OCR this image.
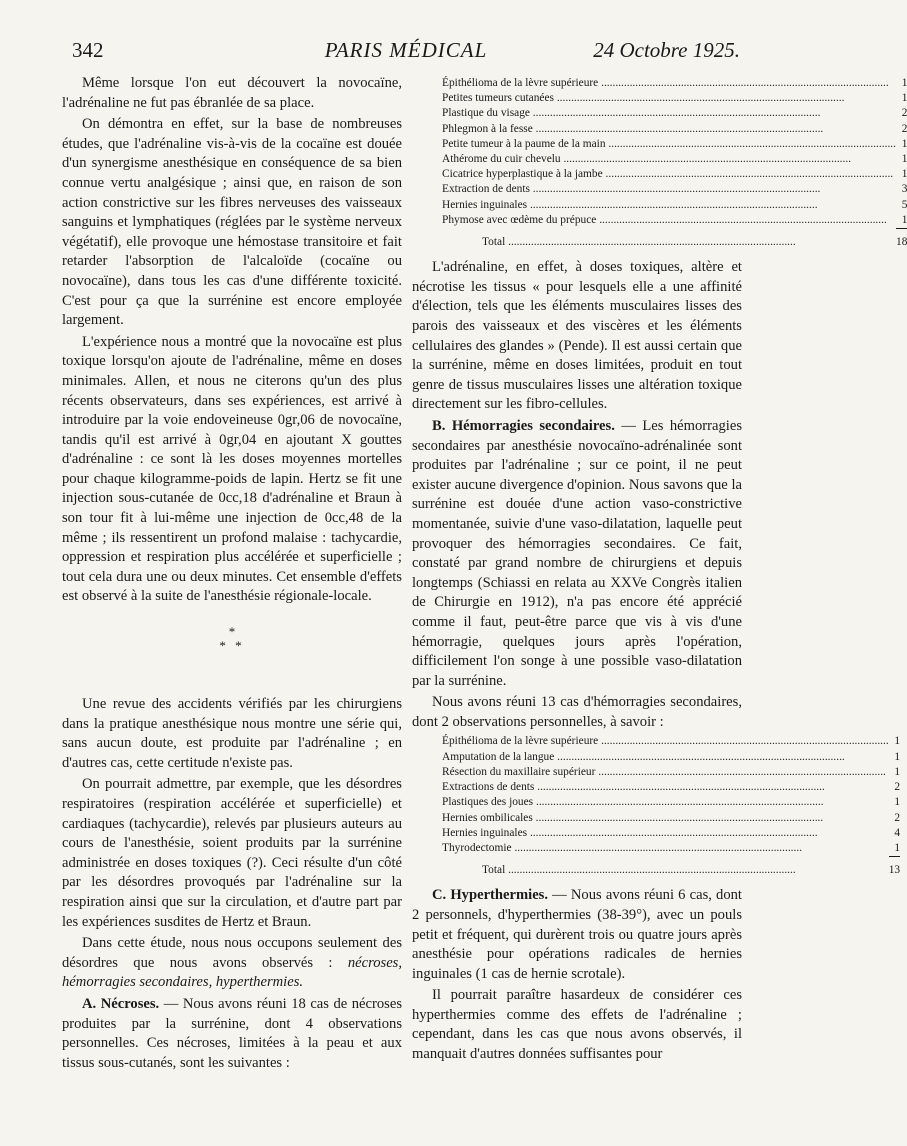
342	PARIS MÉDICAL	24 Octobre 1925.

Même lorsque l'on eut découvert la novocaïne, l'adrénaline ne fut pas ébranlée de sa place.

On démontra en effet, sur la base de nombreuses études, que l'adrénaline vis-à-vis de la cocaïne est douée d'un synergisme anesthésique en conséquence de sa bien connue vertu analgésique ; ainsi que, en raison de son action constrictive sur les fibres nerveuses des vaisseaux sanguins et lymphatiques (réglées par le système nerveux végétatif), elle provoque une hémostase transitoire et fait retarder l'absorption de l'alcaloïde (cocaïne ou novocaïne), dans tous les cas d'une différente toxicité. C'est pour ça que la surrénine est encore employée largement.

L'expérience nous a montré que la novocaïne est plus toxique lorsqu'on ajoute de l'adrénaline, même en doses minimales. Allen, et nous ne citerons qu'un des plus récents observateurs, dans ses expériences, est arrivé à introduire par la voie endoveineuse 0gr,06 de novocaïne, tandis qu'il est arrivé à 0gr,04 en ajoutant X gouttes d'adrénaline : ce sont là les doses moyennes mortelles pour chaque kilogramme-poids de lapin. Hertz se fit une injection sous-cutanée de 0cc,18 d'adrénaline et Braun à son tour fit à lui-même une injection de 0cc,48 de la même ; ils ressentirent un profond malaise : tachycardie, oppression et respiration plus accélérée et superficielle ; tout cela dura une ou deux minutes. Cet ensemble d'effets est observé à la suite de l'anesthésie régionale-locale.

*
* *

Une revue des accidents vérifiés par les chirurgiens dans la pratique anesthésique nous montre une série qui, sans aucun doute, est produite par l'adrénaline ; en d'autres cas, cette certitude n'existe pas.

On pourrait admettre, par exemple, que les désordres respiratoires (respiration accélérée et superficielle) et cardiaques (tachycardie), relevés par plusieurs auteurs au cours de l'anesthésie, soient produits par la surrénine administrée en doses toxiques (?). Ceci résulte d'un côté par les désordres provoqués par l'adrénaline sur la respiration ainsi que sur la circulation, et d'autre part par les expériences susdites de Hertz et Braun.

Dans cette étude, nous nous occupons seulement des désordres que nous avons observés : nécroses, hémorragies secondaires, hyperthermies.

A. Nécroses. — Nous avons réuni 18 cas de nécroses produites par la surrénine, dont 4 observations personnelles. Ces nécroses, limitées à la peau et aux tissus sous-cutanés, sont les suivantes :

Épithélioma de la lèvre supérieure .....	1
Petites tumeurs cutanées .....	1
Plastique du visage .....	2
Phlegmon à la fesse .....	2
Petite tumeur à la paume de la main .....	1
Athérome du cuir chevelu .....	1
Cicatrice hyperplastique à la jambe .....	1
Extraction de dents .....	3
Hernies inguinales .....	5
Phymose avec œdème du prépuce .....	1
Total .....	18

L'adrénaline, en effet, à doses toxiques, altère et nécrotise les tissus « pour lesquels elle a une affinité d'élection, tels que les éléments musculaires lisses des parois des vaisseaux et des viscères et les éléments cellulaires des glandes » (Pende). Il est aussi certain que la surrénine, même en doses limitées, produit en tout genre de tissus musculaires lisses une altération toxique directement sur les fibro-cellules.

B. Hémorragies secondaires. — Les hémorragies secondaires par anesthésie novocaïno-adrénalinée sont produites par l'adrénaline ; sur ce point, il ne peut exister aucune divergence d'opinion. Nous savons que la surrénine est douée d'une action vaso-constrictive momentanée, suivie d'une vaso-dilatation, laquelle peut provoquer des hémorragies secondaires. Ce fait, constaté par grand nombre de chirurgiens et depuis longtemps (Schiassi en relata au XXVe Congrès italien de Chirurgie en 1912), n'a pas encore été apprécié comme il faut, peut-être parce que vis à vis d'une hémorragie, quelques jours après l'opération, difficilement l'on songe à une possible vaso-dilatation par la surrénine.

Nous avons réuni 13 cas d'hémorragies secondaires, dont 2 observations personnelles, à savoir :

Épithélioma de la lèvre supérieure .....	1
Amputation de la langue .....	1
Résection du maxillaire supérieur .....	1
Extractions de dents .....	2
Plastiques des joues .....	1
Hernies ombilicales .....	2
Hernies inguinales .....	4
Thyrodectomie .....	1
Total .....	13

C. Hyperthermies. — Nous avons réuni 6 cas, dont 2 personnels, d'hyperthermies (38-39°), avec un pouls petit et fréquent, qui durèrent trois ou quatre jours après anesthésie pour opérations radicales de hernies inguinales (1 cas de hernie scrotale).

Il pourrait paraître hasardeux de considérer ces hyperthermies comme des effets de l'adrénaline ; cependant, dans les cas que nous avons observés, il manquait d'autres données suffisantes pour
